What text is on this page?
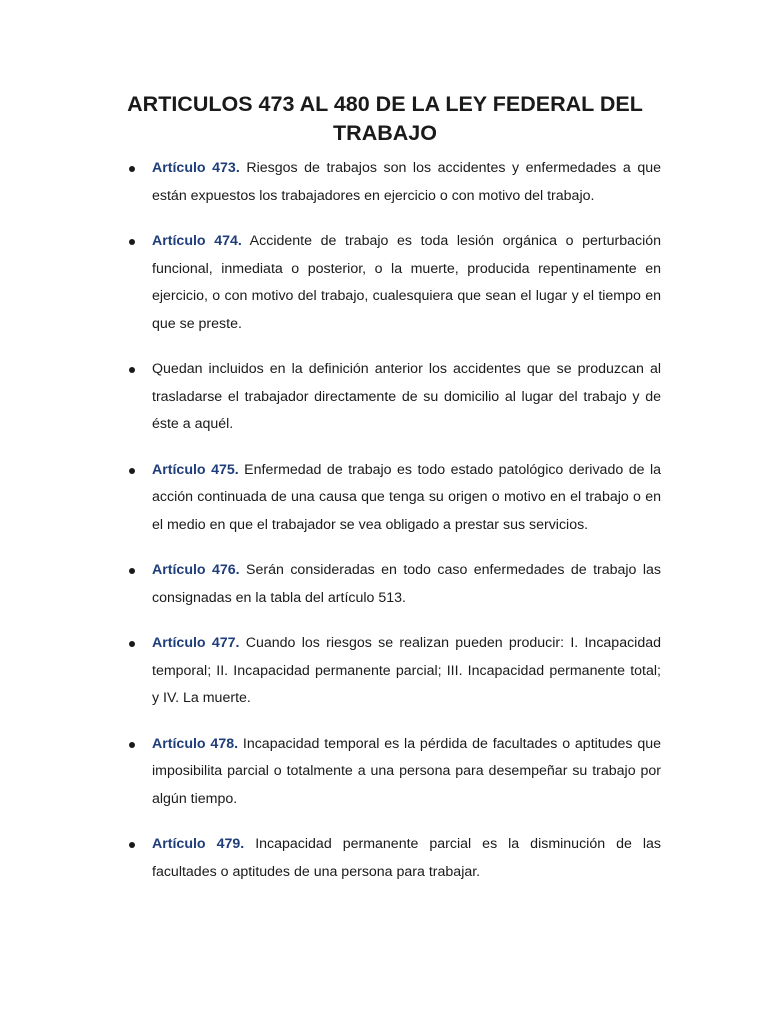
ARTICULOS 473 AL 480 DE LA LEY FEDERAL DEL TRABAJO
Artículo 473. Riesgos de trabajos son los accidentes y enfermedades a que están expuestos los trabajadores en ejercicio o con motivo del trabajo.
Artículo 474. Accidente de trabajo es toda lesión orgánica o perturbación funcional, inmediata o posterior, o la muerte, producida repentinamente en ejercicio, o con motivo del trabajo, cualesquiera que sean el lugar y el tiempo en que se preste.
Quedan incluidos en la definición anterior los accidentes que se produzcan al trasladarse el trabajador directamente de su domicilio al lugar del trabajo y de éste a aquél.
Artículo 475. Enfermedad de trabajo es todo estado patológico derivado de la acción continuada de una causa que tenga su origen o motivo en el trabajo o en el medio en que el trabajador se vea obligado a prestar sus servicios.
Artículo 476. Serán consideradas en todo caso enfermedades de trabajo las consignadas en la tabla del artículo 513.
Artículo 477. Cuando los riesgos se realizan pueden producir: I. Incapacidad temporal; II. Incapacidad permanente parcial; III. Incapacidad permanente total; y IV. La muerte.
Artículo 478. Incapacidad temporal es la pérdida de facultades o aptitudes que imposibilita parcial o totalmente a una persona para desempeñar su trabajo por algún tiempo.
Artículo 479. Incapacidad permanente parcial es la disminución de las facultades o aptitudes de una persona para trabajar.
